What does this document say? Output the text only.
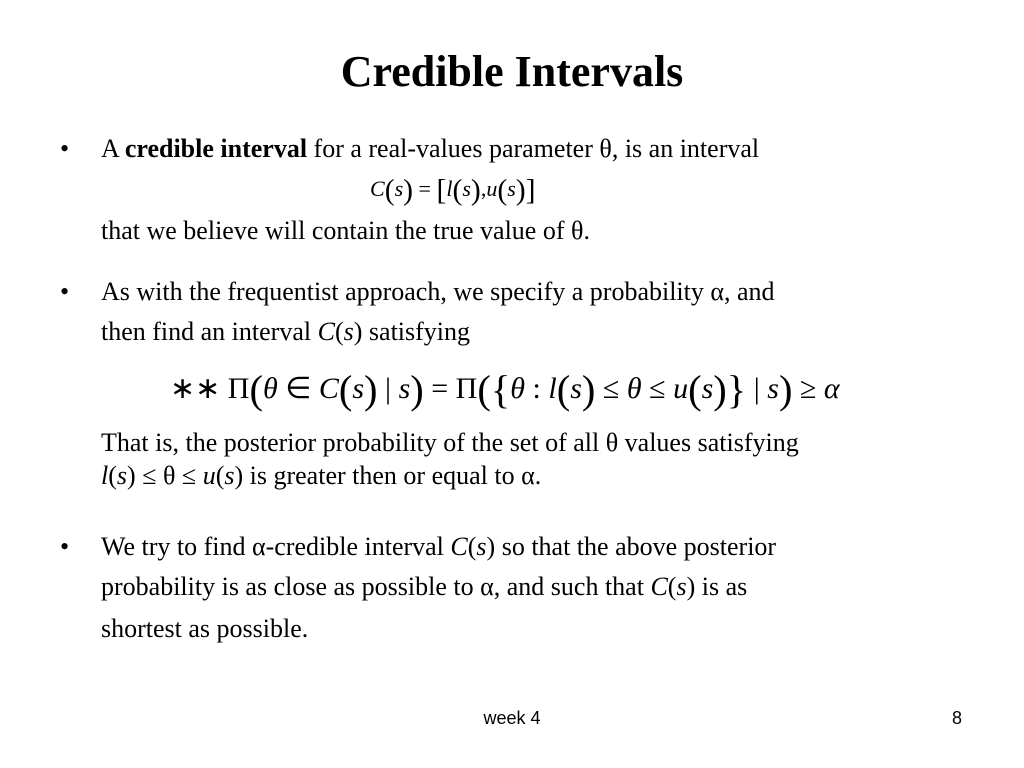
Credible Intervals
• A credible interval for a real-values parameter θ, is an interval
C(s) = [l(s),u(s)]
that we believe will contain the true value of θ.
• As with the frequentist approach, we specify a probability α, and
then find an interval C(s) satisfying
∗∗ Π(θ ∈ C(s) | s) = Π({θ : l(s) ≤ θ ≤ u(s)} | s) ≥ α
That is, the posterior probability of the set of all θ values satisfying
l(s) ≤ θ ≤ u(s) is greater then or equal to α.
• We try to find α-credible interval C(s) so that the above posterior
probability is as close as possible to α, and such that C(s) is as
shortest as possible.
week 4	8
